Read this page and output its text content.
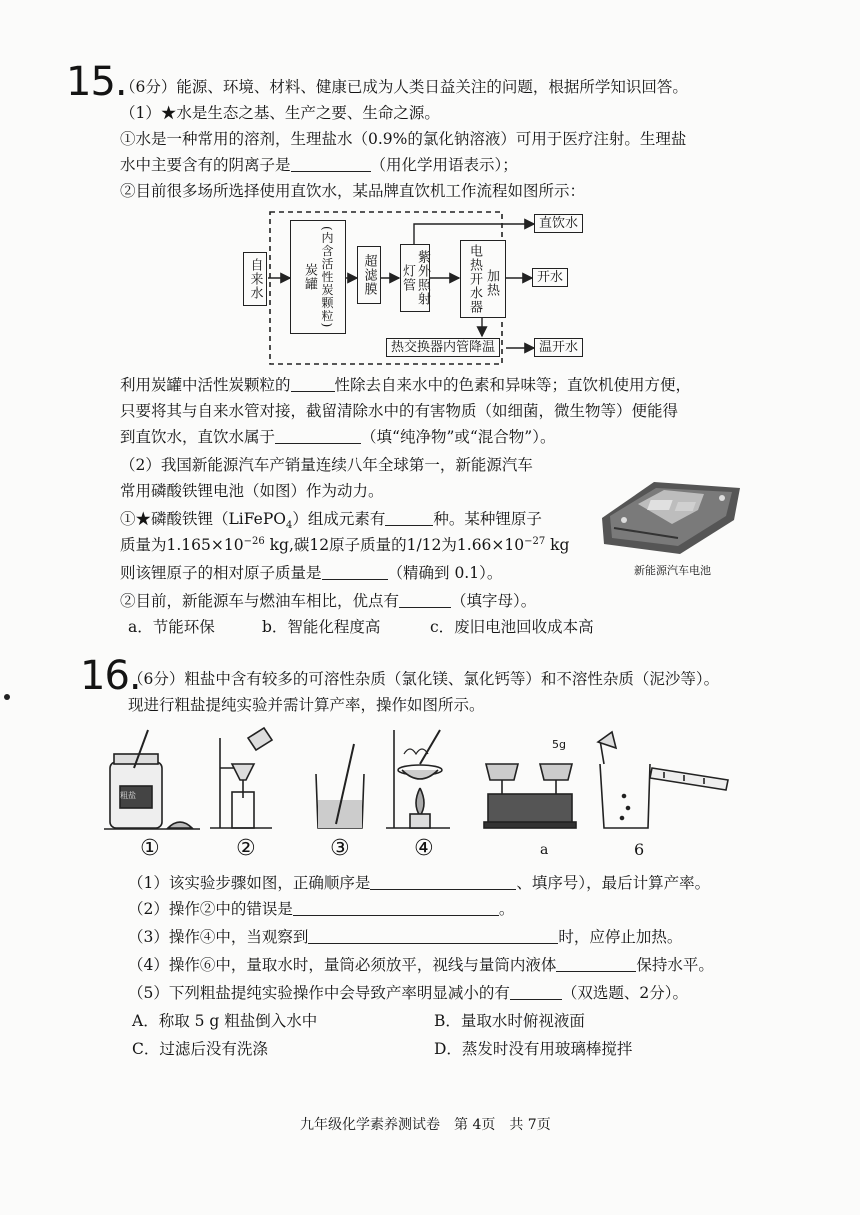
15.
（6分）能源、环境、材料、健康已成为人类日益关注的问题，根据所学知识回答。
（1）★水是生态之基、生产之要、生命之源。
①水是一种常用的溶剂，生理盐水（0.9%的氯化钠溶液）可用于医疗注射。生理盐
水中主要含有的阴离子是	（用化学用语表示）；
②目前很多场所选择使用直饮水，某品牌直饮机工作流程如图所示：
自来水	炭罐 (内含活性炭颗粒) 超滤膜	紫外照射灯管	电热开水器 加热
热交换器内管降温
直饮水
开水
温开水
利用炭罐中活性炭颗粒的	性除去自来水中的色素和异味等；直饮机使用方便，
只要将其与自来水管对接，截留清除水中的有害物质（如细菌，微生物等）便能得
到直饮水，直饮水属于	（填“纯净物”或“混合物”）。
（2）我国新能源汽车产销量连续八年全球第一，新能源汽车
常用磷酸铁锂电池（如图）作为动力。
①★磷酸铁锂（LiFePO$_4$）组成元素有	种。某种锂原子
质量为$1.165\times 10^{-26}$ kg,碳12原子质量的1/12为$1.66\times 10^{-27}$ kg
则该锂原子的相对原子质量是	（精确到 0.1）。
②目前，新能源车与燃油车相比，优点有	（填字母）。
a．节能环保	b．智能化程度高	c．废旧电池回收成本高
新能源汽车电池
16.
（6分）粗盐中含有较多的可溶性杂质（氯化镁、氯化钙等）和不溶性杂质（泥沙等）。
现进行粗盐提纯实验并需计算产率，操作如图所示。
5g
粗盐
①	②	③	④	a	6
（1）该实验步骤如图，正确顺序是	、填序号），最后计算产率。
（2）操作②中的错误是	。
（3）操作④中，当观察到	时，应停止加热。
（4）操作⑥中，量取水时，量筒必须放平，视线与量筒内液体	保持水平。
（5）下列粗盐提纯实验操作中会导致产率明显减小的有	（双选题、2分）。
A．称取 5 g 粗盐倒入水中	B．量取水时俯视液面
C．过滤后没有洗涤	D．蒸发时没有用玻璃棒搅拌
九年级化学素养测试卷　第 4页　共 7页
